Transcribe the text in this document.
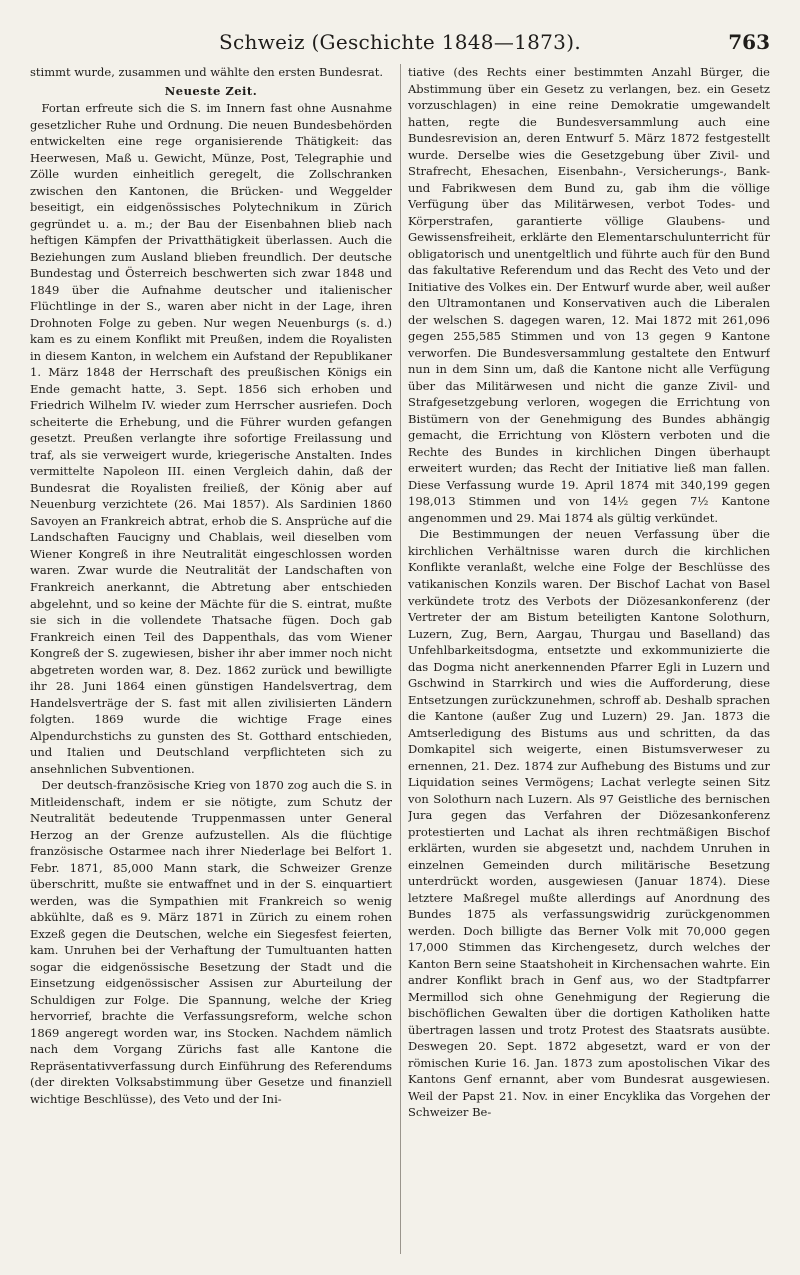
Schweiz (Geschichte 1848—1873).	763

stimmt wurde, zusammen und wählte den ersten Bundesrat.

Neueste Zeit.

Fortan erfreute sich die S. im Innern fast ohne Ausnahme gesetzlicher Ruhe und Ordnung. Die neuen Bundesbehörden entwickelten eine rege organisierende Thätigkeit: das Heerwesen, Maß u. Gewicht, Münze, Post, Telegraphie und Zölle wurden einheitlich geregelt, die Zollschranken zwischen den Kantonen, die Brücken- und Weggelder beseitigt, ein eidgenössisches Polytechnikum in Zürich gegründet u. a. m.; der Bau der Eisenbahnen blieb nach heftigen Kämpfen der Privatthätigkeit überlassen. Auch die Beziehungen zum Ausland blieben freundlich. Der deutsche Bundestag und Österreich beschwerten sich zwar 1848 und 1849 über die Aufnahme deutscher und italienischer Flüchtlinge in der S., waren aber nicht in der Lage, ihren Drohnoten Folge zu geben. Nur wegen Neuenburgs (s. d.) kam es zu einem Konflikt mit Preußen, indem die Royalisten in diesem Kanton, in welchem ein Aufstand der Republikaner 1. März 1848 der Herrschaft des preußischen Königs ein Ende gemacht hatte, 3. Sept. 1856 sich erhoben und Friedrich Wilhelm IV. wieder zum Herrscher ausriefen. Doch scheiterte die Erhebung, und die Führer wurden gefangen gesetzt. Preußen verlangte ihre sofortige Freilassung und traf, als sie verweigert wurde, kriegerische Anstalten. Indes vermittelte Napoleon III. einen Vergleich dahin, daß der Bundesrat die Royalisten freiließ, der König aber auf Neuenburg verzichtete (26. Mai 1857). Als Sardinien 1860 Savoyen an Frankreich abtrat, erhob die S. Ansprüche auf die Landschaften Faucigny und Chablais, weil dieselben vom Wiener Kongreß in ihre Neutralität eingeschlossen worden waren. Zwar wurde die Neutralität der Landschaften von Frankreich anerkannt, die Abtretung aber entschieden abgelehnt, und so keine der Mächte für die S. eintrat, mußte sie sich in die vollendete Thatsache fügen. Doch gab Frankreich einen Teil des Dappenthals, das vom Wiener Kongreß der S. zugewiesen, bisher ihr aber immer noch nicht abgetreten worden war, 8. Dez. 1862 zurück und bewilligte ihr 28. Juni 1864 einen günstigen Handelsvertrag, dem Handelsverträge der S. fast mit allen zivilisierten Ländern folgten. 1869 wurde die wichtige Frage eines Alpendurchstichs zu gunsten des St. Gotthard entschieden, und Italien und Deutschland verpflichteten sich zu ansehnlichen Subventionen.

Der deutsch-französische Krieg von 1870 zog auch die S. in Mitleidenschaft, indem er sie nötigte, zum Schutz der Neutralität bedeutende Truppenmassen unter General Herzog an der Grenze aufzustellen. Als die flüchtige französische Ostarmee nach ihrer Niederlage bei Belfort 1. Febr. 1871, 85,000 Mann stark, die Schweizer Grenze überschritt, mußte sie entwaffnet und in der S. einquartiert werden, was die Sympathien mit Frankreich so wenig abkühlte, daß es 9. März 1871 in Zürich zu einem rohen Exzeß gegen die Deutschen, welche ein Siegesfest feierten, kam. Unruhen bei der Verhaftung der Tumultuanten hatten sogar die eidgenössische Besetzung der Stadt und die Einsetzung eidgenössischer Assisen zur Aburteilung der Schuldigen zur Folge. Die Spannung, welche der Krieg hervorrief, brachte die Verfassungsreform, welche schon 1869 angeregt worden war, ins Stocken. Nachdem nämlich nach dem Vorgang Zürichs fast alle Kantone die Repräsentativverfassung durch Einführung des Referendums (der direkten Volksabstimmung über Gesetze und finanziell wichtige Beschlüsse), des Veto und der Ini-

tiative (des Rechts einer bestimmten Anzahl Bürger, die Abstimmung über ein Gesetz zu verlangen, bez. ein Gesetz vorzuschlagen) in eine reine Demokratie umgewandelt hatten, regte die Bundesversammlung auch eine Bundesrevision an, deren Entwurf 5. März 1872 festgestellt wurde. Derselbe wies die Gesetzgebung über Zivil- und Strafrecht, Ehesachen, Eisenbahn-, Versicherungs-, Bank- und Fabrikwesen dem Bund zu, gab ihm die völlige Verfügung über das Militärwesen, verbot Todes- und Körperstrafen, garantierte völlige Glaubens- und Gewissensfreiheit, erklärte den Elementarschulunterricht für obligatorisch und unentgeltlich und führte auch für den Bund das fakultative Referendum und das Recht des Veto und der Initiative des Volkes ein. Der Entwurf wurde aber, weil außer den Ultramontanen und Konservativen auch die Liberalen der welschen S. dagegen waren, 12. Mai 1872 mit 261,096 gegen 255,585 Stimmen und von 13 gegen 9 Kantone verworfen. Die Bundesversammlung gestaltete den Entwurf nun in dem Sinn um, daß die Kantone nicht alle Verfügung über das Militärwesen und nicht die ganze Zivil- und Strafgesetzgebung verloren, wogegen die Errichtung von Bistümern von der Genehmigung des Bundes abhängig gemacht, die Errichtung von Klöstern verboten und die Rechte des Bundes in kirchlichen Dingen überhaupt erweitert wurden; das Recht der Initiative ließ man fallen. Diese Verfassung wurde 19. April 1874 mit 340,199 gegen 198,013 Stimmen und von 14½ gegen 7½ Kantone angenommen und 29. Mai 1874 als gültig verkündet.

Die Bestimmungen der neuen Verfassung über die kirchlichen Verhältnisse waren durch die kirchlichen Konflikte veranlaßt, welche eine Folge der Beschlüsse des vatikanischen Konzils waren. Der Bischof Lachat von Basel verkündete trotz des Verbots der Diözesankonferenz (der Vertreter der am Bistum beteiligten Kantone Solothurn, Luzern, Zug, Bern, Aargau, Thurgau und Baselland) das Unfehlbarkeitsdogma, entsetzte und exkommunizierte die das Dogma nicht anerkennenden Pfarrer Egli in Luzern und Gschwind in Starrkirch und wies die Aufforderung, diese Entsetzungen zurückzunehmen, schroff ab. Deshalb sprachen die Kantone (außer Zug und Luzern) 29. Jan. 1873 die Amtserledigung des Bistums aus und schritten, da das Domkapitel sich weigerte, einen Bistumsverweser zu ernennen, 21. Dez. 1874 zur Aufhebung des Bistums und zur Liquidation seines Vermögens; Lachat verlegte seinen Sitz von Solothurn nach Luzern. Als 97 Geistliche des bernischen Jura gegen das Verfahren der Diözesankonferenz protestierten und Lachat als ihren rechtmäßigen Bischof erklärten, wurden sie abgesetzt und, nachdem Unruhen in einzelnen Gemeinden durch militärische Besetzung unterdrückt worden, ausgewiesen (Januar 1874). Diese letztere Maßregel mußte allerdings auf Anordnung des Bundes 1875 als verfassungswidrig zurückgenommen werden. Doch billigte das Berner Volk mit 70,000 gegen 17,000 Stimmen das Kirchengesetz, durch welches der Kanton Bern seine Staatshoheit in Kirchensachen wahrte. Ein andrer Konflikt brach in Genf aus, wo der Stadtpfarrer Mermillod sich ohne Genehmigung der Regierung die bischöflichen Gewalten über die dortigen Katholiken hatte übertragen lassen und trotz Protest des Staatsrats ausübte. Deswegen 20. Sept. 1872 abgesetzt, ward er von der römischen Kurie 16. Jan. 1873 zum apostolischen Vikar des Kantons Genf ernannt, aber vom Bundesrat ausgewiesen. Weil der Papst 21. Nov. in einer Encyklika das Vorgehen der Schweizer Be-
